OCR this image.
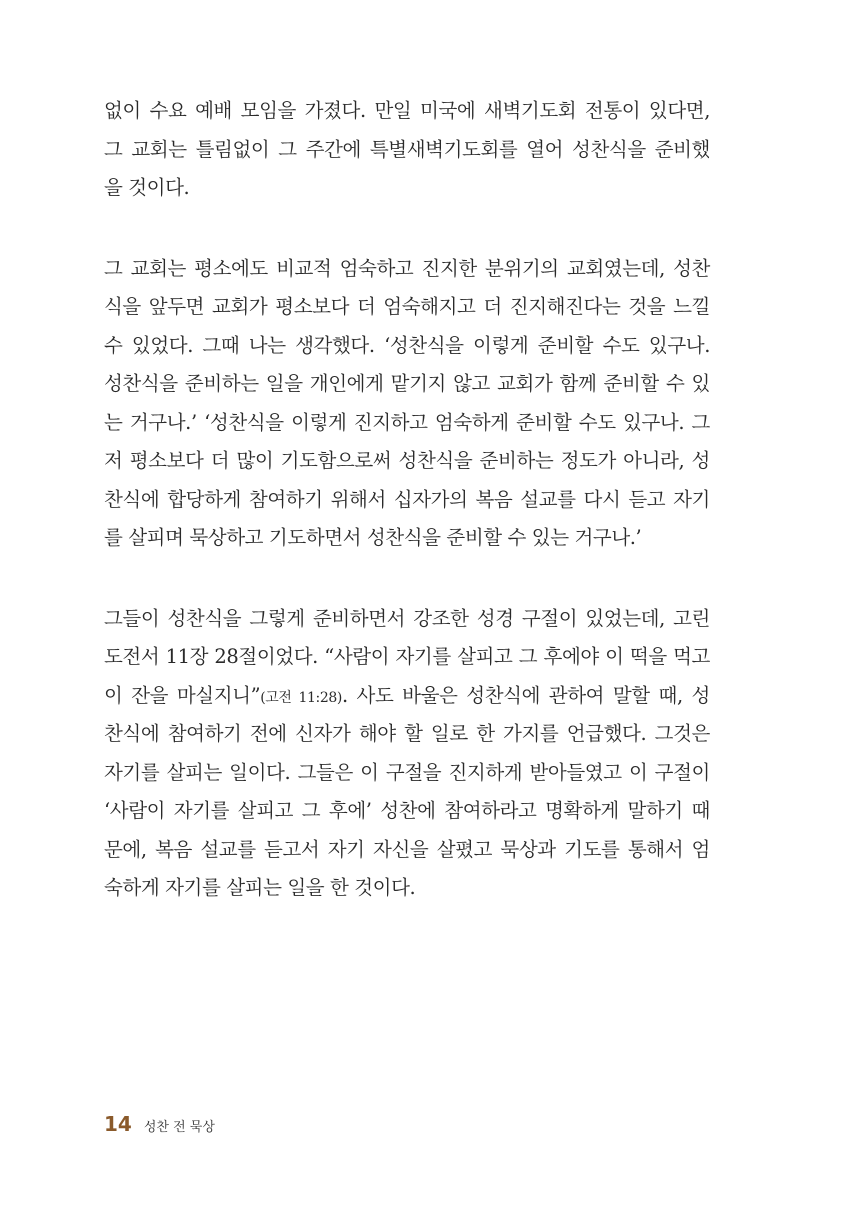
없이 수요 예배 모임을 가졌다. 만일 미국에 새벽기도회 전통이 있다면,
그 교회는 틀림없이 그 주간에 특별새벽기도회를 열어 성찬식을 준비했
을 것이다.
그 교회는 평소에도 비교적 엄숙하고 진지한 분위기의 교회였는데, 성찬
식을 앞두면 교회가 평소보다 더 엄숙해지고 더 진지해진다는 것을 느낄
수 있었다. 그때 나는 생각했다. ‘성찬식을 이렇게 준비할 수도 있구나.
성찬식을 준비하는 일을 개인에게 맡기지 않고 교회가 함께 준비할 수 있
는 거구나.’ ‘성찬식을 이렇게 진지하고 엄숙하게 준비할 수도 있구나. 그
저 평소보다 더 많이 기도함으로써 성찬식을 준비하는 정도가 아니라, 성
찬식에 합당하게 참여하기 위해서 십자가의 복음 설교를 다시 듣고 자기
를 살피며 묵상하고 기도하면서 성찬식을 준비할 수 있는 거구나.’
그들이 성찬식을 그렇게 준비하면서 강조한 성경 구절이 있었는데, 고린
도전서 11장 28절이었다. “사람이 자기를 살피고 그 후에야 이 떡을 먹고
이 잔을 마실지니”(고전 11:28). 사도 바울은 성찬식에 관하여 말할 때, 성
찬식에 참여하기 전에 신자가 해야 할 일로 한 가지를 언급했다. 그것은
자기를 살피는 일이다. 그들은 이 구절을 진지하게 받아들였고 이 구절이
‘사람이 자기를 살피고 그 후에’ 성찬에 참여하라고 명확하게 말하기 때
문에, 복음 설교를 듣고서 자기 자신을 살폈고 묵상과 기도를 통해서 엄
숙하게 자기를 살피는 일을 한 것이다.
14 성찬 전 묵상
